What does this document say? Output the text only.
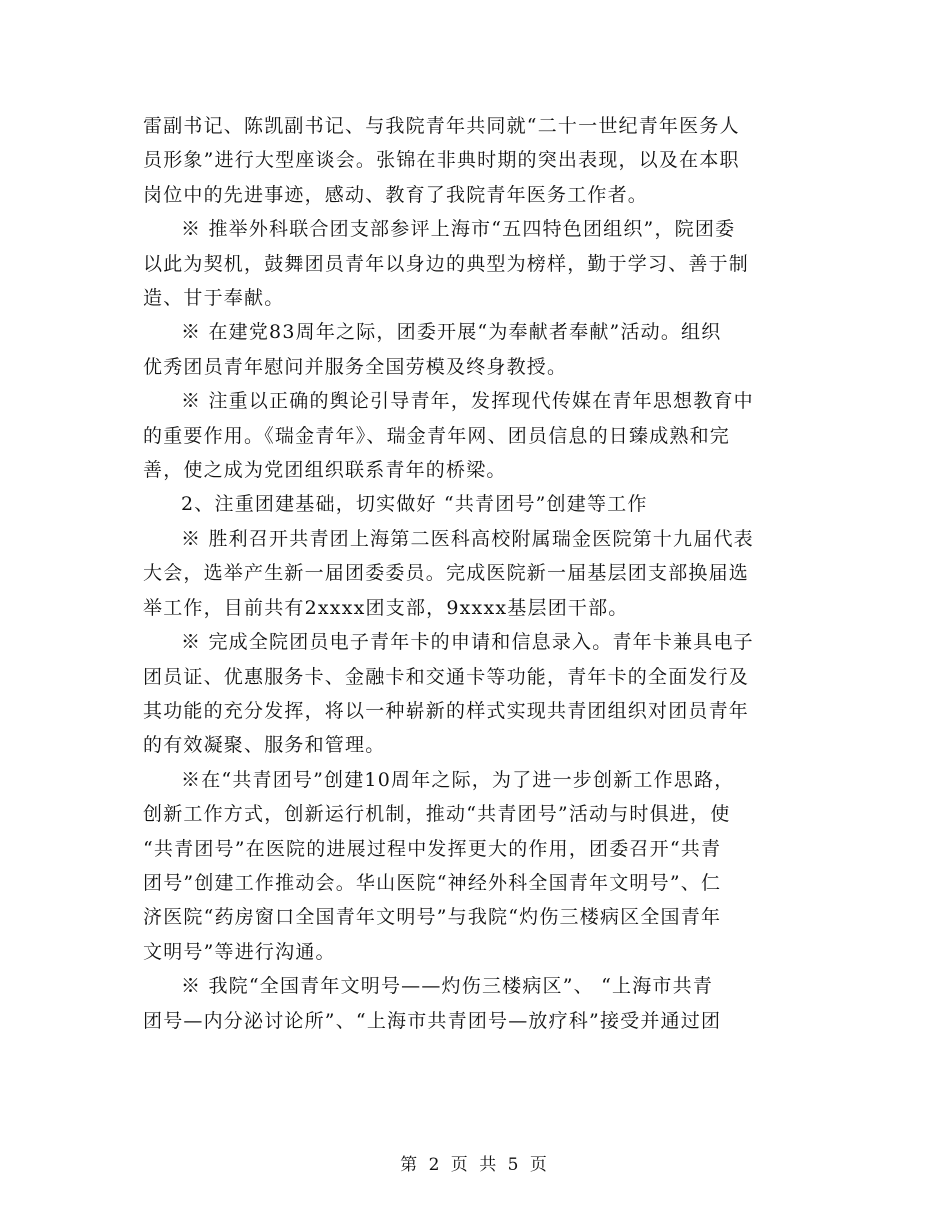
雷副书记、陈凯副书记、与我院青年共同就“二十一世纪青年医务人
员形象”进行大型座谈会。张锦在非典时期的突出表现，以及在本职
岗位中的先进事迹，感动、教育了我院青年医务工作者。

※ 推举外科联合团支部参评上海市“五四特色团组织”，院团委
以此为契机，鼓舞团员青年以身边的典型为榜样，勤于学习、善于制
造、甘于奉献。

※ 在建党83周年之际，团委开展“为奉献者奉献”活动。组织
优秀团员青年慰问并服务全国劳模及终身教授。

※ 注重以正确的舆论引导青年，发挥现代传媒在青年思想教育中
的重要作用。《瑞金青年》、瑞金青年网、团员信息的日臻成熟和完
善，使之成为党团组织联系青年的桥梁。

2、注重团建基础，切实做好 “共青团号”创建等工作

※ 胜利召开共青团上海第二医科高校附属瑞金医院第十九届代表
大会，选举产生新一届团委委员。完成医院新一届基层团支部换届选
举工作，目前共有2xxxx团支部，9xxxx基层团干部。

※ 完成全院团员电子青年卡的申请和信息录入。青年卡兼具电子
团员证、优惠服务卡、金融卡和交通卡等功能，青年卡的全面发行及
其功能的充分发挥，将以一种崭新的样式实现共青团组织对团员青年
的有效凝聚、服务和管理。

※在“共青团号”创建10周年之际，为了进一步创新工作思路，
创新工作方式，创新运行机制，推动“共青团号”活动与时俱进，使
“共青团号”在医院的进展过程中发挥更大的作用，团委召开“共青
团号”创建工作推动会。华山医院“神经外科全国青年文明号”、仁
济医院“药房窗口全国青年文明号”与我院“灼伤三楼病区全国青年
文明号”等进行沟通。

※ 我院“全国青年文明号——灼伤三楼病区”、 “上海市共青
团号—内分泌讨论所”、“上海市共青团号—放疗科”接受并通过团

第 2 页 共 5 页
